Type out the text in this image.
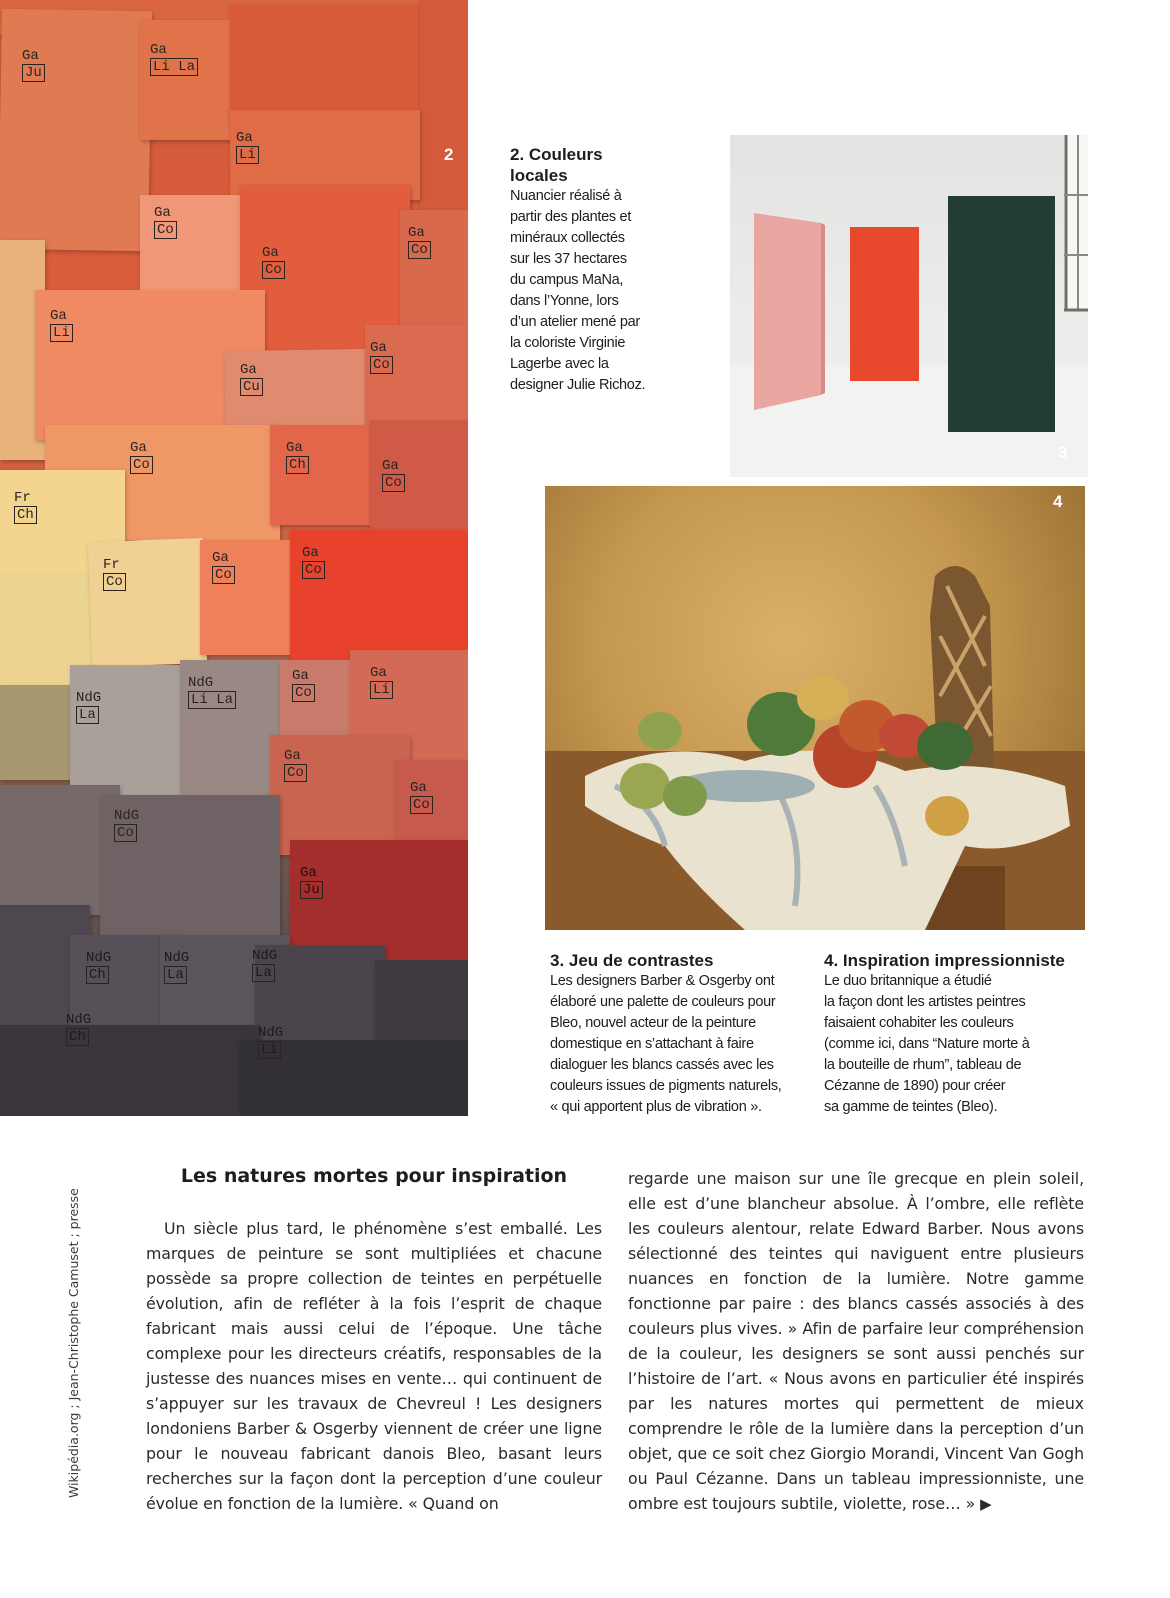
Ga
Ju
Ga
Li La
Ga
Li
Ga
Co
Ga
Co
Ga
Co
Ga
Li
Ga
Co
Ga
Cu
Ga
Co
Ga
Ch	Ga
Co
Fr
Ch
Fr
Co
Ga
Co
Ga
Co
NdG
Li La
Ga
Co
Ga
Li
NdG
La
Ga
Co
NdG
Co
Ga
Co
Ga
Ju
NdG
Ch
NdG
La
NdG
La
NdG
Ch	NdG
Li
2	2. Couleurs

locales

Nuancier réalisé à

partir des plantes et

minéraux collectés

sur les 37 hectares

du campus MaNa,

dans l’Yonne, lors

d’un atelier mené par

la coloriste Virginie

Lagerbe avec la

designer Julie Richoz.

3
4

3. Jeu de contrastes

Les designers Barber & Osgerby ont

élaboré une palette de couleurs pour

Bleo, nouvel acteur de la peinture

domestique en s’attachant à faire

dialoguer les blancs cassés avec les

couleurs issues de pigments naturels,

« qui apportent plus de vibration ».

4. Inspiration impressionniste

Le duo britannique a étudié

la façon dont les artistes peintres

faisaient cohabiter les couleurs

(comme ici, dans “Nature morte à

la bouteille de rhum”, tableau de

Cézanne de 1890) pour créer

sa gamme de teintes (Bleo).

Les natures mortes pour inspiration

Un siècle plus tard, le phénomène s’est emballé. Les marques de peinture se sont multipliées et chacune possède sa propre collection de teintes en perpétuelle évolution, afin de refléter à la fois l’esprit de chaque fabricant mais aussi celui de l’époque. Une tâche complexe pour les directeurs créatifs, responsables de la justesse des nuances mises en vente… qui continuent de s’appuyer sur les travaux de Chevreul ! Les designers londoniens Barber & Osgerby viennent de créer une ligne pour le nouveau fabricant danois Bleo, basant leurs recherches sur la façon dont la perception d’une couleur évolue en fonction de la lumière. « Quand on

regarde une maison sur une île grecque en plein soleil, elle est d’une blancheur absolue. À l’ombre, elle reflète les couleurs alentour, relate Edward Barber. Nous avons sélectionné des teintes qui naviguent entre plusieurs nuances en fonction de la lumière. Notre gamme fonctionne par paire : des blancs cassés associés à des couleurs plus vives. » Afin de parfaire leur compréhension de la couleur, les designers se sont aussi penchés sur l’histoire de l’art. « Nous avons en particulier été inspirés par les natures mortes qui permettent de mieux comprendre le rôle de la lumière dans la perception d’un objet, que ce soit chez Giorgio Morandi, Vincent Van Gogh ou Paul Cézanne. Dans un tableau impressionniste, une ombre est toujours subtile, violette, rose… » ▶

Wikipédia.org ; Jean-Christophe Camuset ; presse
